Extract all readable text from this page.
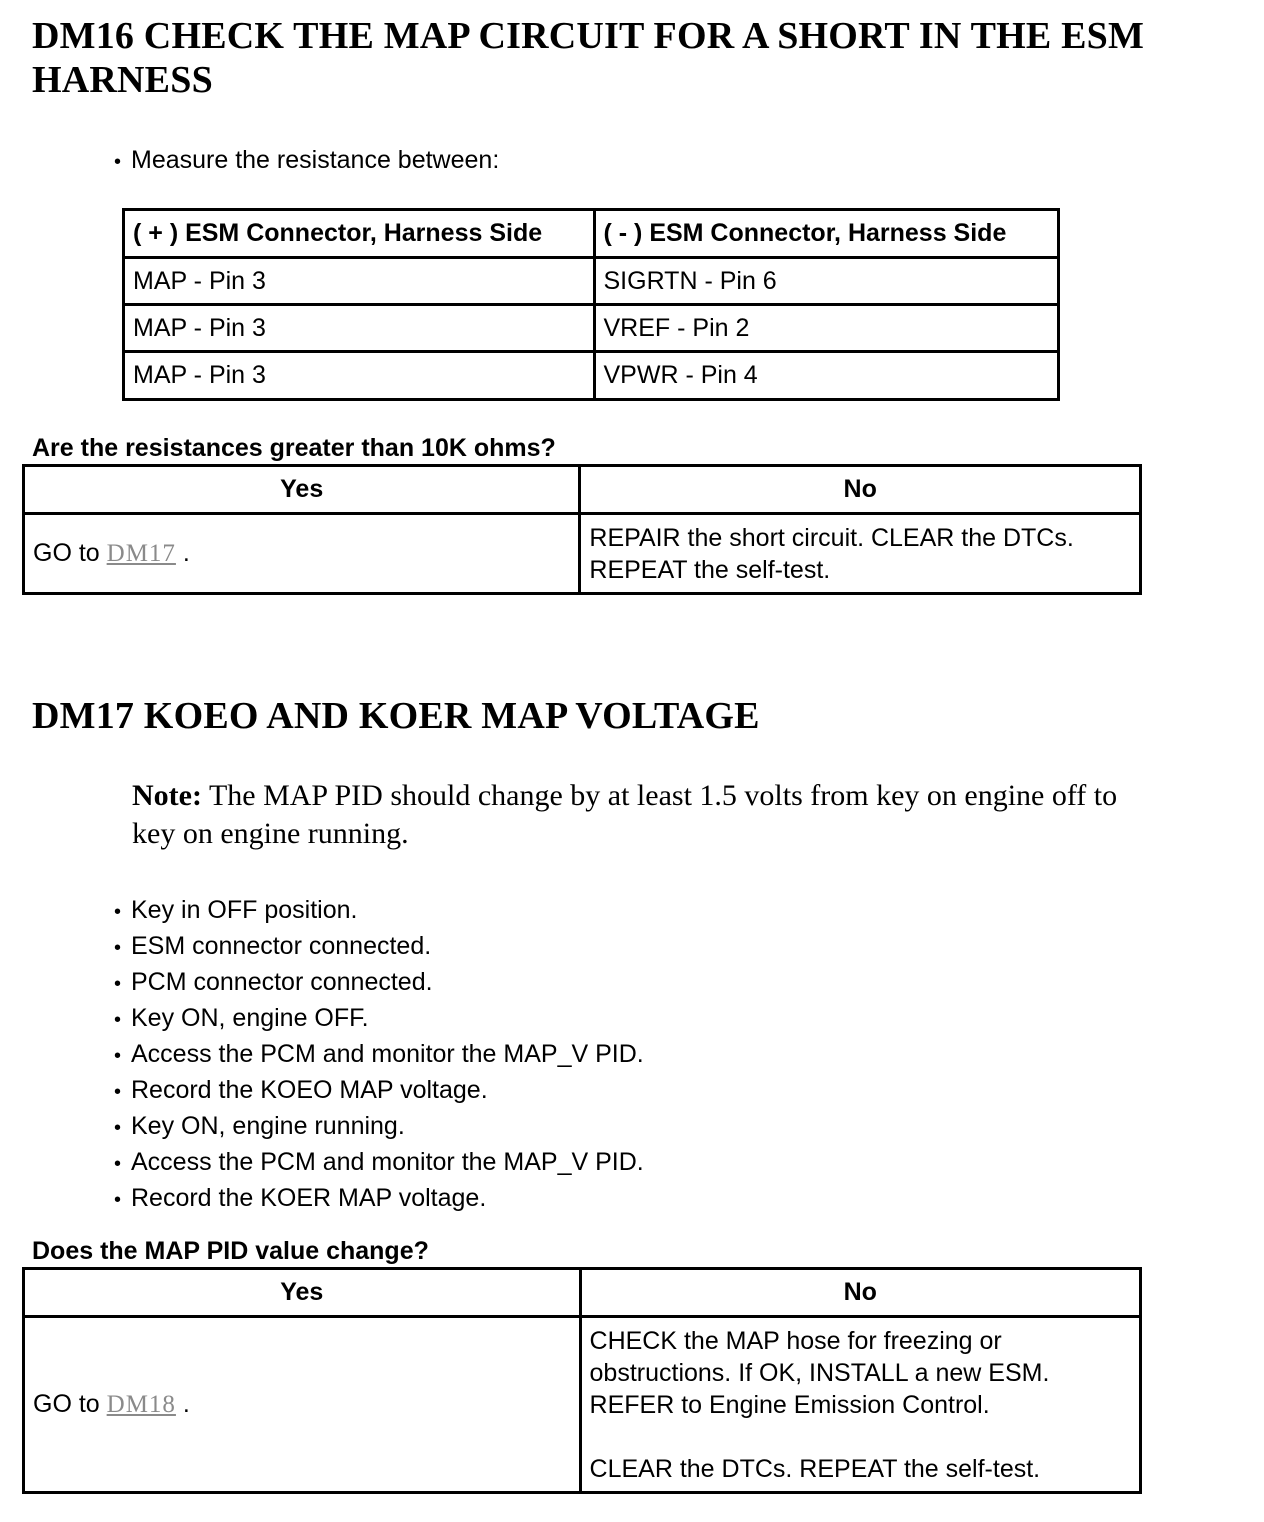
DM16 CHECK THE MAP CIRCUIT FOR A SHORT IN THE ESM
HARNESS
• Measure the resistance between:
( + ) ESM Connector, Harness Side	( - ) ESM Connector, Harness Side
MAP - Pin 3	SIGRTN - Pin 6
MAP - Pin 3	VREF - Pin 2
MAP - Pin 3	VPWR - Pin 4
Are the resistances greater than 10K ohms?
Yes	No
GO to DM17 .	REPAIR the short circuit. CLEAR the DTCs.
REPEAT the self-test.
DM17 KOEO AND KOER MAP VOLTAGE
Note: The MAP PID should change by at least 1.5 volts from key on engine off to
key on engine running.
• Key in OFF position.
• ESM connector connected.
• PCM connector connected.
• Key ON, engine OFF.
• Access the PCM and monitor the MAP_V PID.
• Record the KOEO MAP voltage.
• Key ON, engine running.
• Access the PCM and monitor the MAP_V PID.
• Record the KOER MAP voltage.
Does the MAP PID value change?
Yes	No
GO to DM18 .	CHECK the MAP hose for freezing or
obstructions. If OK, INSTALL a new ESM.
REFER to Engine Emission Control.
CLEAR the DTCs. REPEAT the self-test.
